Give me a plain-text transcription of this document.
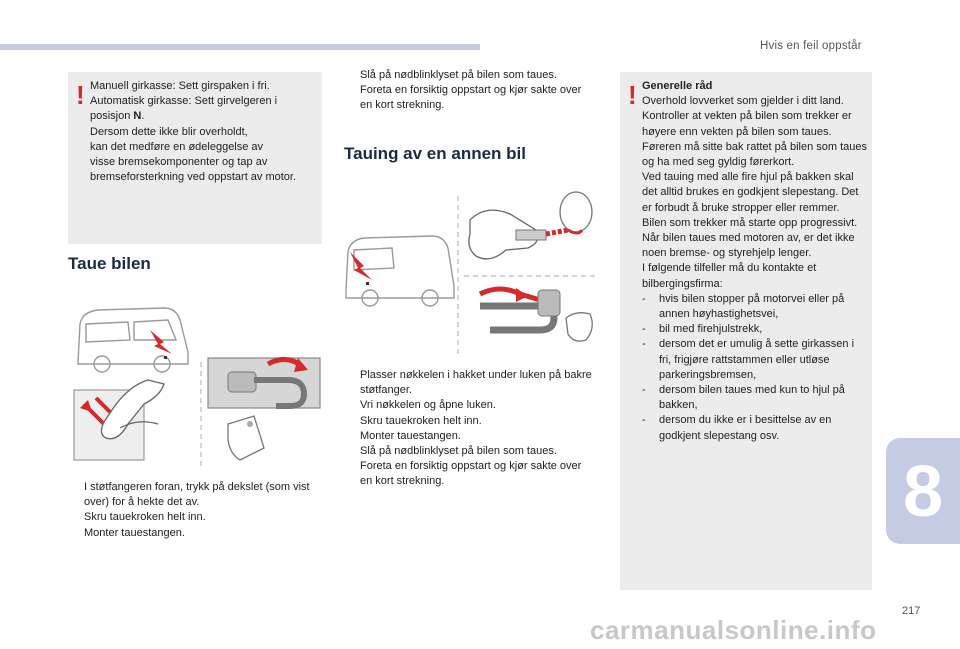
Hvis en feil oppstår
! Manuell girkasse: Sett girspaken i fri.

Automatisk girkasse: Sett girvelgeren i

posisjon N.

Dersom dette ikke blir overholdt,

kan det medføre en ødeleggelse av

visse bremsekomponenter og tap av

bremseforsterkning ved oppstart av motor.

Taue bilen
I støtfangeren foran, trykk på dekslet (som vist over) for å hekte det av.
Skru tauekroken helt inn.
Monter tauestangen.
Slå på nødblinklyset på bilen som taues.
Foreta en forsiktig oppstart og kjør sakte over en kort strekning.
Tauing av en annen bil
Plasser nøkkelen i hakket under luken på bakre støtfanger.
Vri nøkkelen og åpne luken.
Skru tauekroken helt inn.
Monter tauestangen.
Slå på nødblinklyset på bilen som taues.
Foreta en forsiktig oppstart og kjør sakte over en kort strekning.
! Generelle råd

Overhold lovverket som gjelder i ditt land.

Kontroller at vekten på bilen som trekker er høyere enn vekten på bilen som taues.

Føreren må sitte bak rattet på bilen som taues og ha med seg gyldig førerkort.

Ved tauing med alle fire hjul på bakken skal det alltid brukes en godkjent slepestang. Det er forbudt å bruke stropper eller remmer.

Bilen som trekker må starte opp progressivt.

Når bilen taues med motoren av, er det ikke noen bremse- og styrehjelp lenger.

I følgende tilfeller må du kontakte et bilbergingsfirma:

- hvis bilen stopper på motorvei eller på annen høyhastighetsvei,
- bil med firehjulstrekk,
- dersom det er umulig å sette girkassen i fri, frigjøre rattstammen eller utløse parkeringsbremsen,
- dersom bilen taues med kun to hjul på bakken,
- dersom du ikke er i besittelse av en godkjent slepestang osv.
8
217
carmanualsonline.info
